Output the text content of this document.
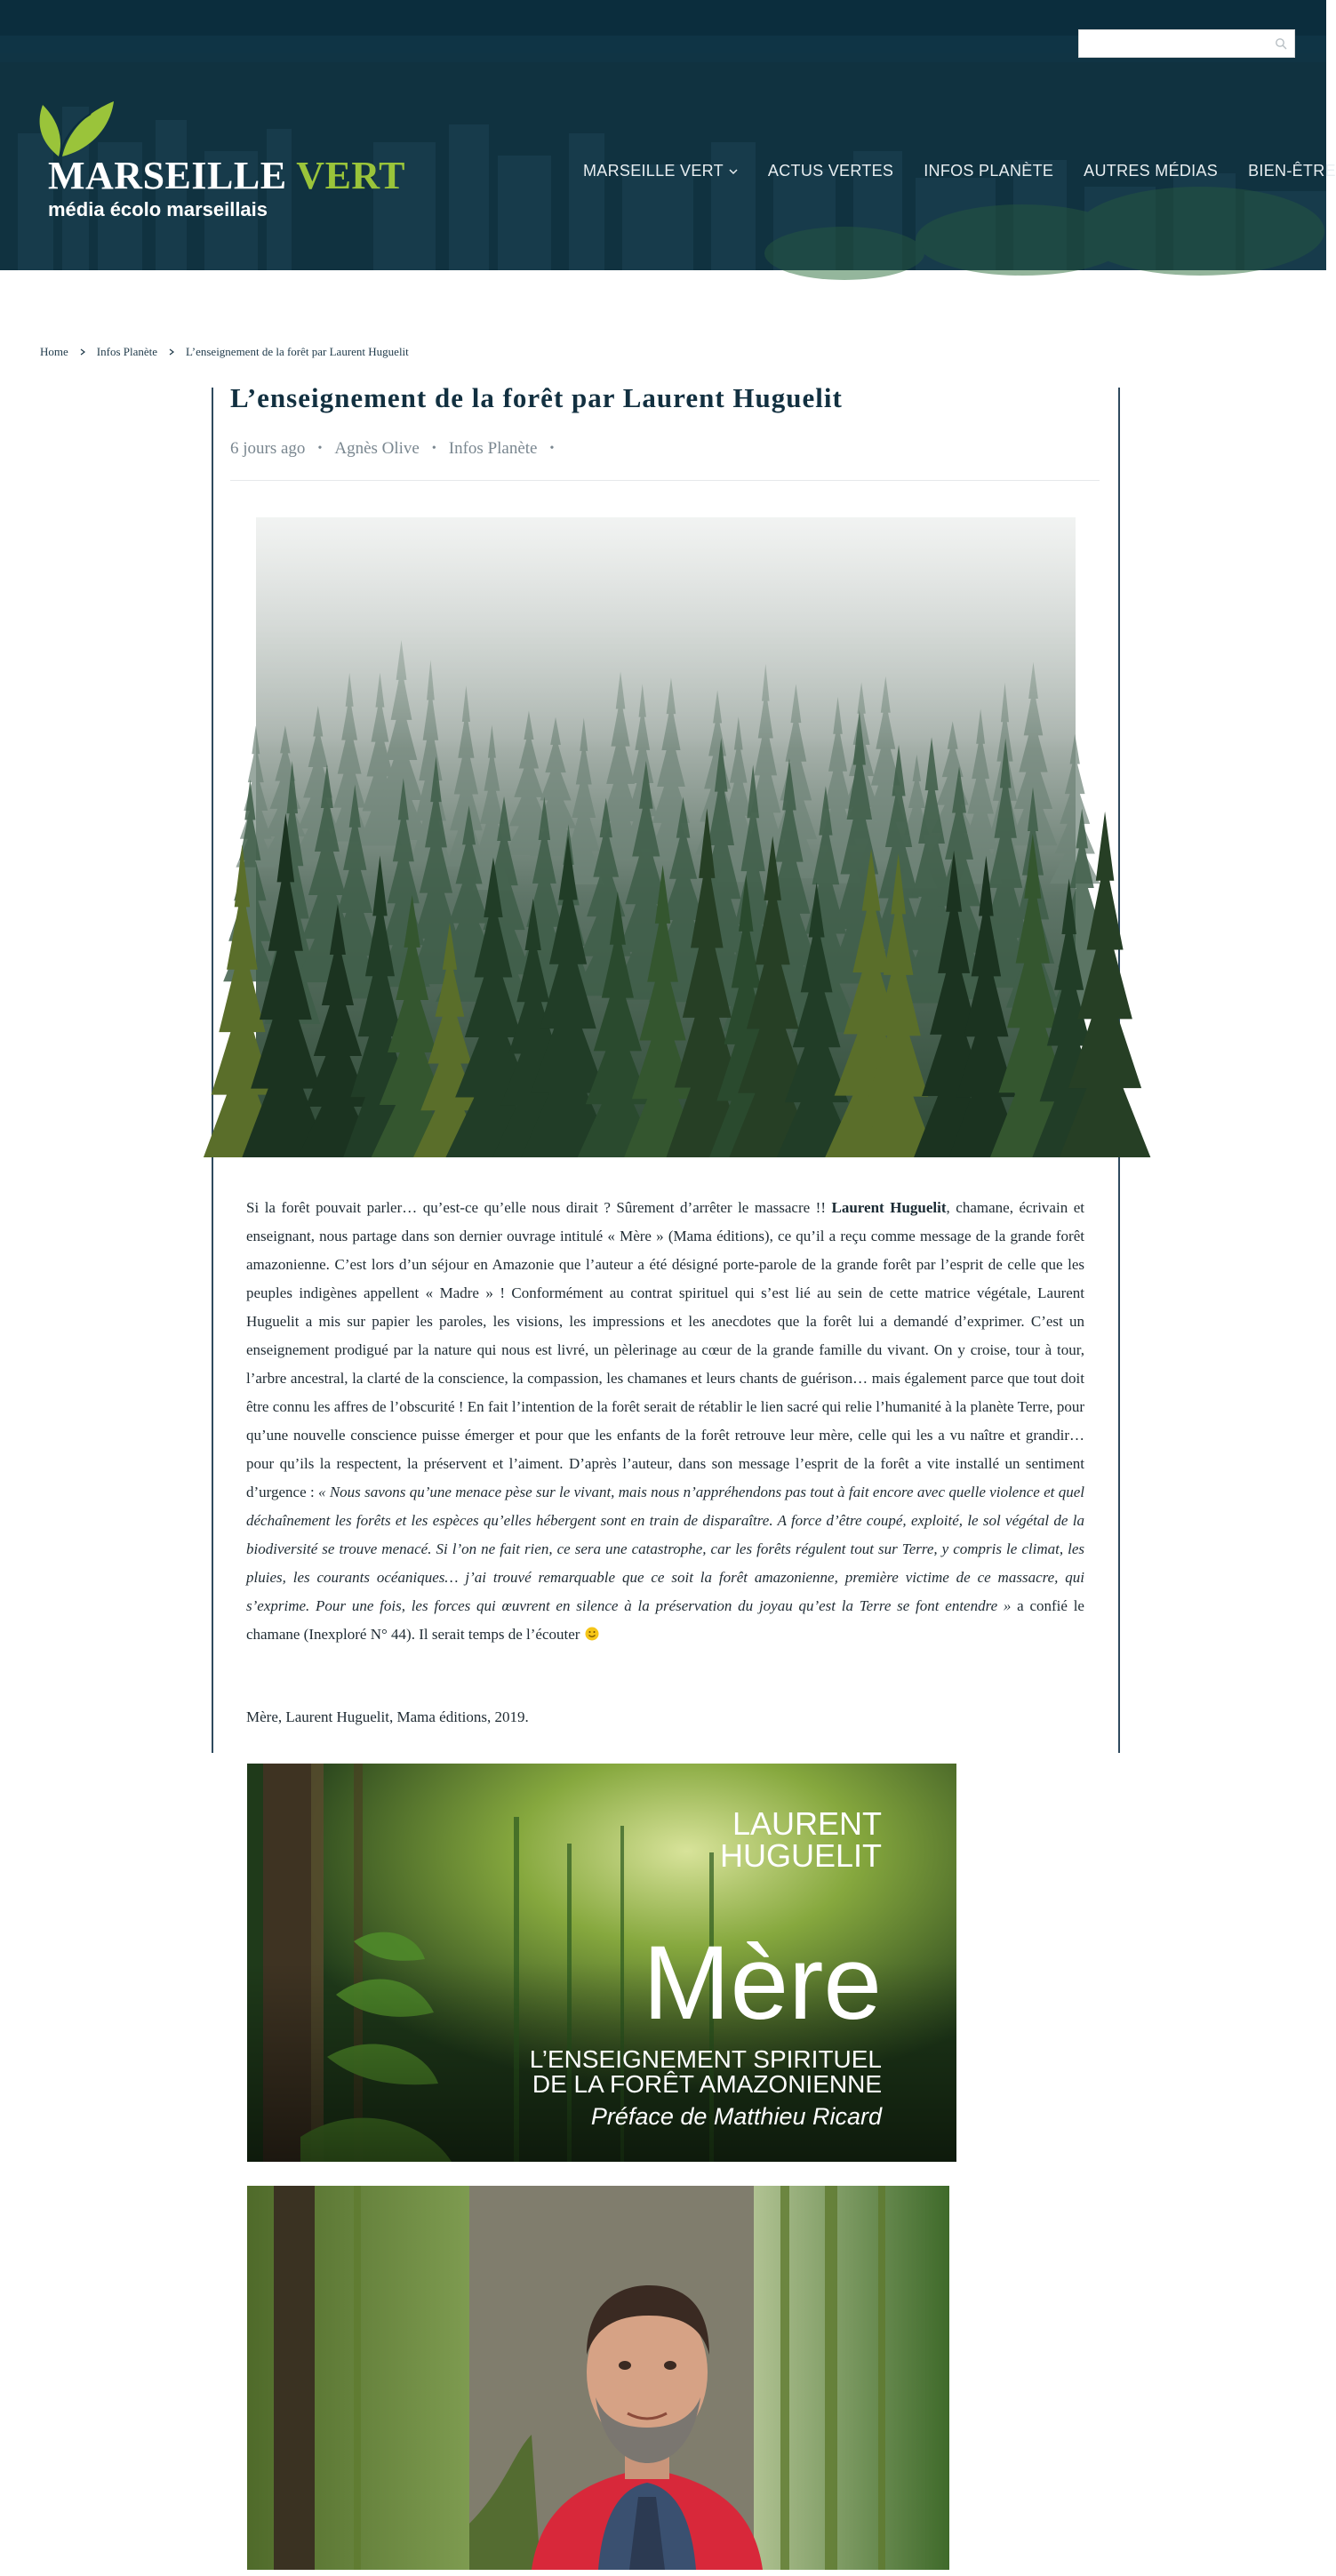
MARSEILLE VERT
média écolo marseillais
MARSEILLE VERT	ACTUS VERTES INFOS PLANÈTE AUTRES MÉDIAS BIEN-ÊTRE
Home Infos Planète L’enseignement de la forêt par Laurent Huguelit
L’enseignement de la forêt par Laurent Huguelit
6 jours ago • Agnès Olive • Infos Planète •
Si la forêt pouvait parler… qu’est-ce qu’elle nous dirait ? Sûrement d’arrêter le massacre !! Laurent Huguelit, chamane, écrivain et enseignant, nous partage dans son dernier ouvrage intitulé « Mère » (Mama éditions), ce qu’il a reçu comme message de la grande forêt amazonienne. C’est lors d’un séjour en Amazonie que l’auteur a été désigné porte-parole de la grande forêt par l’esprit de celle que les peuples indigènes appellent « Madre » ! Conformément au contrat spirituel qui s’est lié au sein de cette matrice végétale, Laurent Huguelit a mis sur papier les paroles, les visions, les impressions et les anecdotes que la forêt lui a demandé d’exprimer. C’est un enseignement prodigué par la nature qui nous est livré, un pèlerinage au cœur de la grande famille du vivant. On y croise, tour à tour, l’arbre ancestral, la clarté de la conscience, la compassion, les chamanes et leurs chants de guérison… mais également parce que tout doit être connu les affres de l’obscurité ! En fait l’intention de la forêt serait de rétablir le lien sacré qui relie l’humanité à la planète Terre, pour qu’une nouvelle conscience puisse émerger et pour que les enfants de la forêt retrouve leur mère, celle qui les a vu naître et grandir… pour qu’ils la respectent, la préservent et l’aiment. D’après l’auteur, dans son message l’esprit de la forêt a vite installé un sentiment d’urgence : « Nous savons qu’une menace pèse sur le vivant, mais nous n’appréhendons pas tout à fait encore avec quelle violence et quel déchaînement les forêts et les espèces qu’elles hébergent sont en train de disparaître. A force d’être coupé, exploité, le sol végétal de la biodiversité se trouve menacé. Si l’on ne fait rien, ce sera une catastrophe, car les forêts régulent tout sur Terre, y compris le climat, les pluies, les courants océaniques… j’ai trouvé remarquable que ce soit la forêt amazonienne, première victime de ce massacre, qui s’exprime. Pour une fois, les forces qui œuvrent en silence à la préservation du joyau qu’est la Terre se font entendre » a confié le chamane (Inexploré N° 44). Il serait temps de l’écouter
Mère, Laurent Huguelit, Mama éditions, 2019.
LAURENT
HUGUELIT
Mère
L’ENSEIGNEMENT SPIRITUEL
DE LA FORÊT AMAZONIENNE
Préface de Matthieu Ricard
